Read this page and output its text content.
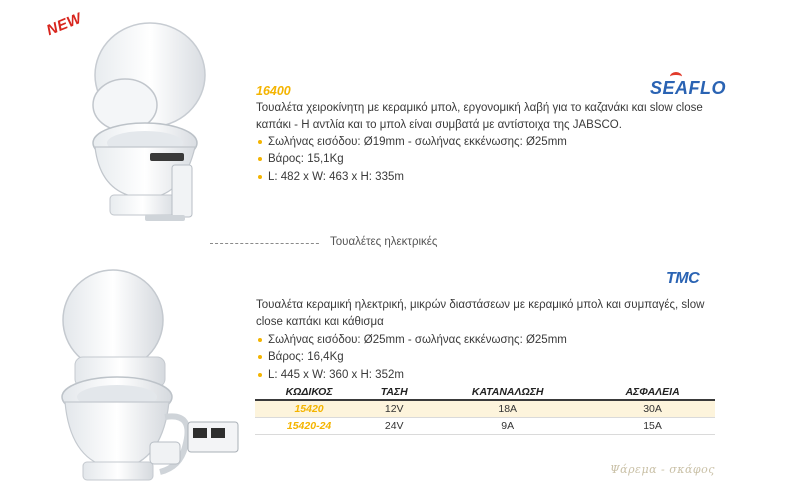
NEW
16400	SEAFLO
Τουαλέτα χειροκίνητη με κεραμικό μπολ, εργονομική λαβή για το καζανάκι και slow close καπάκι - Η αντλία και το μπολ είναι συμβατά με αντίστοιχα της JABSCO.
Σωλήνας εισόδου: Ø19mm - σωλήνας εκκένωσης: Ø25mm
Βάρος: 15,1Kg
L: 482 x W: 463 x H: 335m
Τουαλέτες ηλεκτρικές
TMC
Τουαλέτα κεραμική ηλεκτρική, μικρών διαστάσεων με κεραμικό μπολ και συμπαγές, slow close καπάκι και κάθισμα
Σωλήνας εισόδου: Ø25mm - σωλήνας εκκένωσης: Ø25mm
Βάρος: 16,4Kg
L: 445 x W: 360 x H: 352m
ΚΩΔΙΚΟΣ	ΤΑΣΗ	ΚΑΤΑΝΑΛΩΣΗ	ΑΣΦΑΛΕΙΑ
15420	12V	18A	30A
15420-24	24V	9A	15A
Ψάρεμα - σκάφος
